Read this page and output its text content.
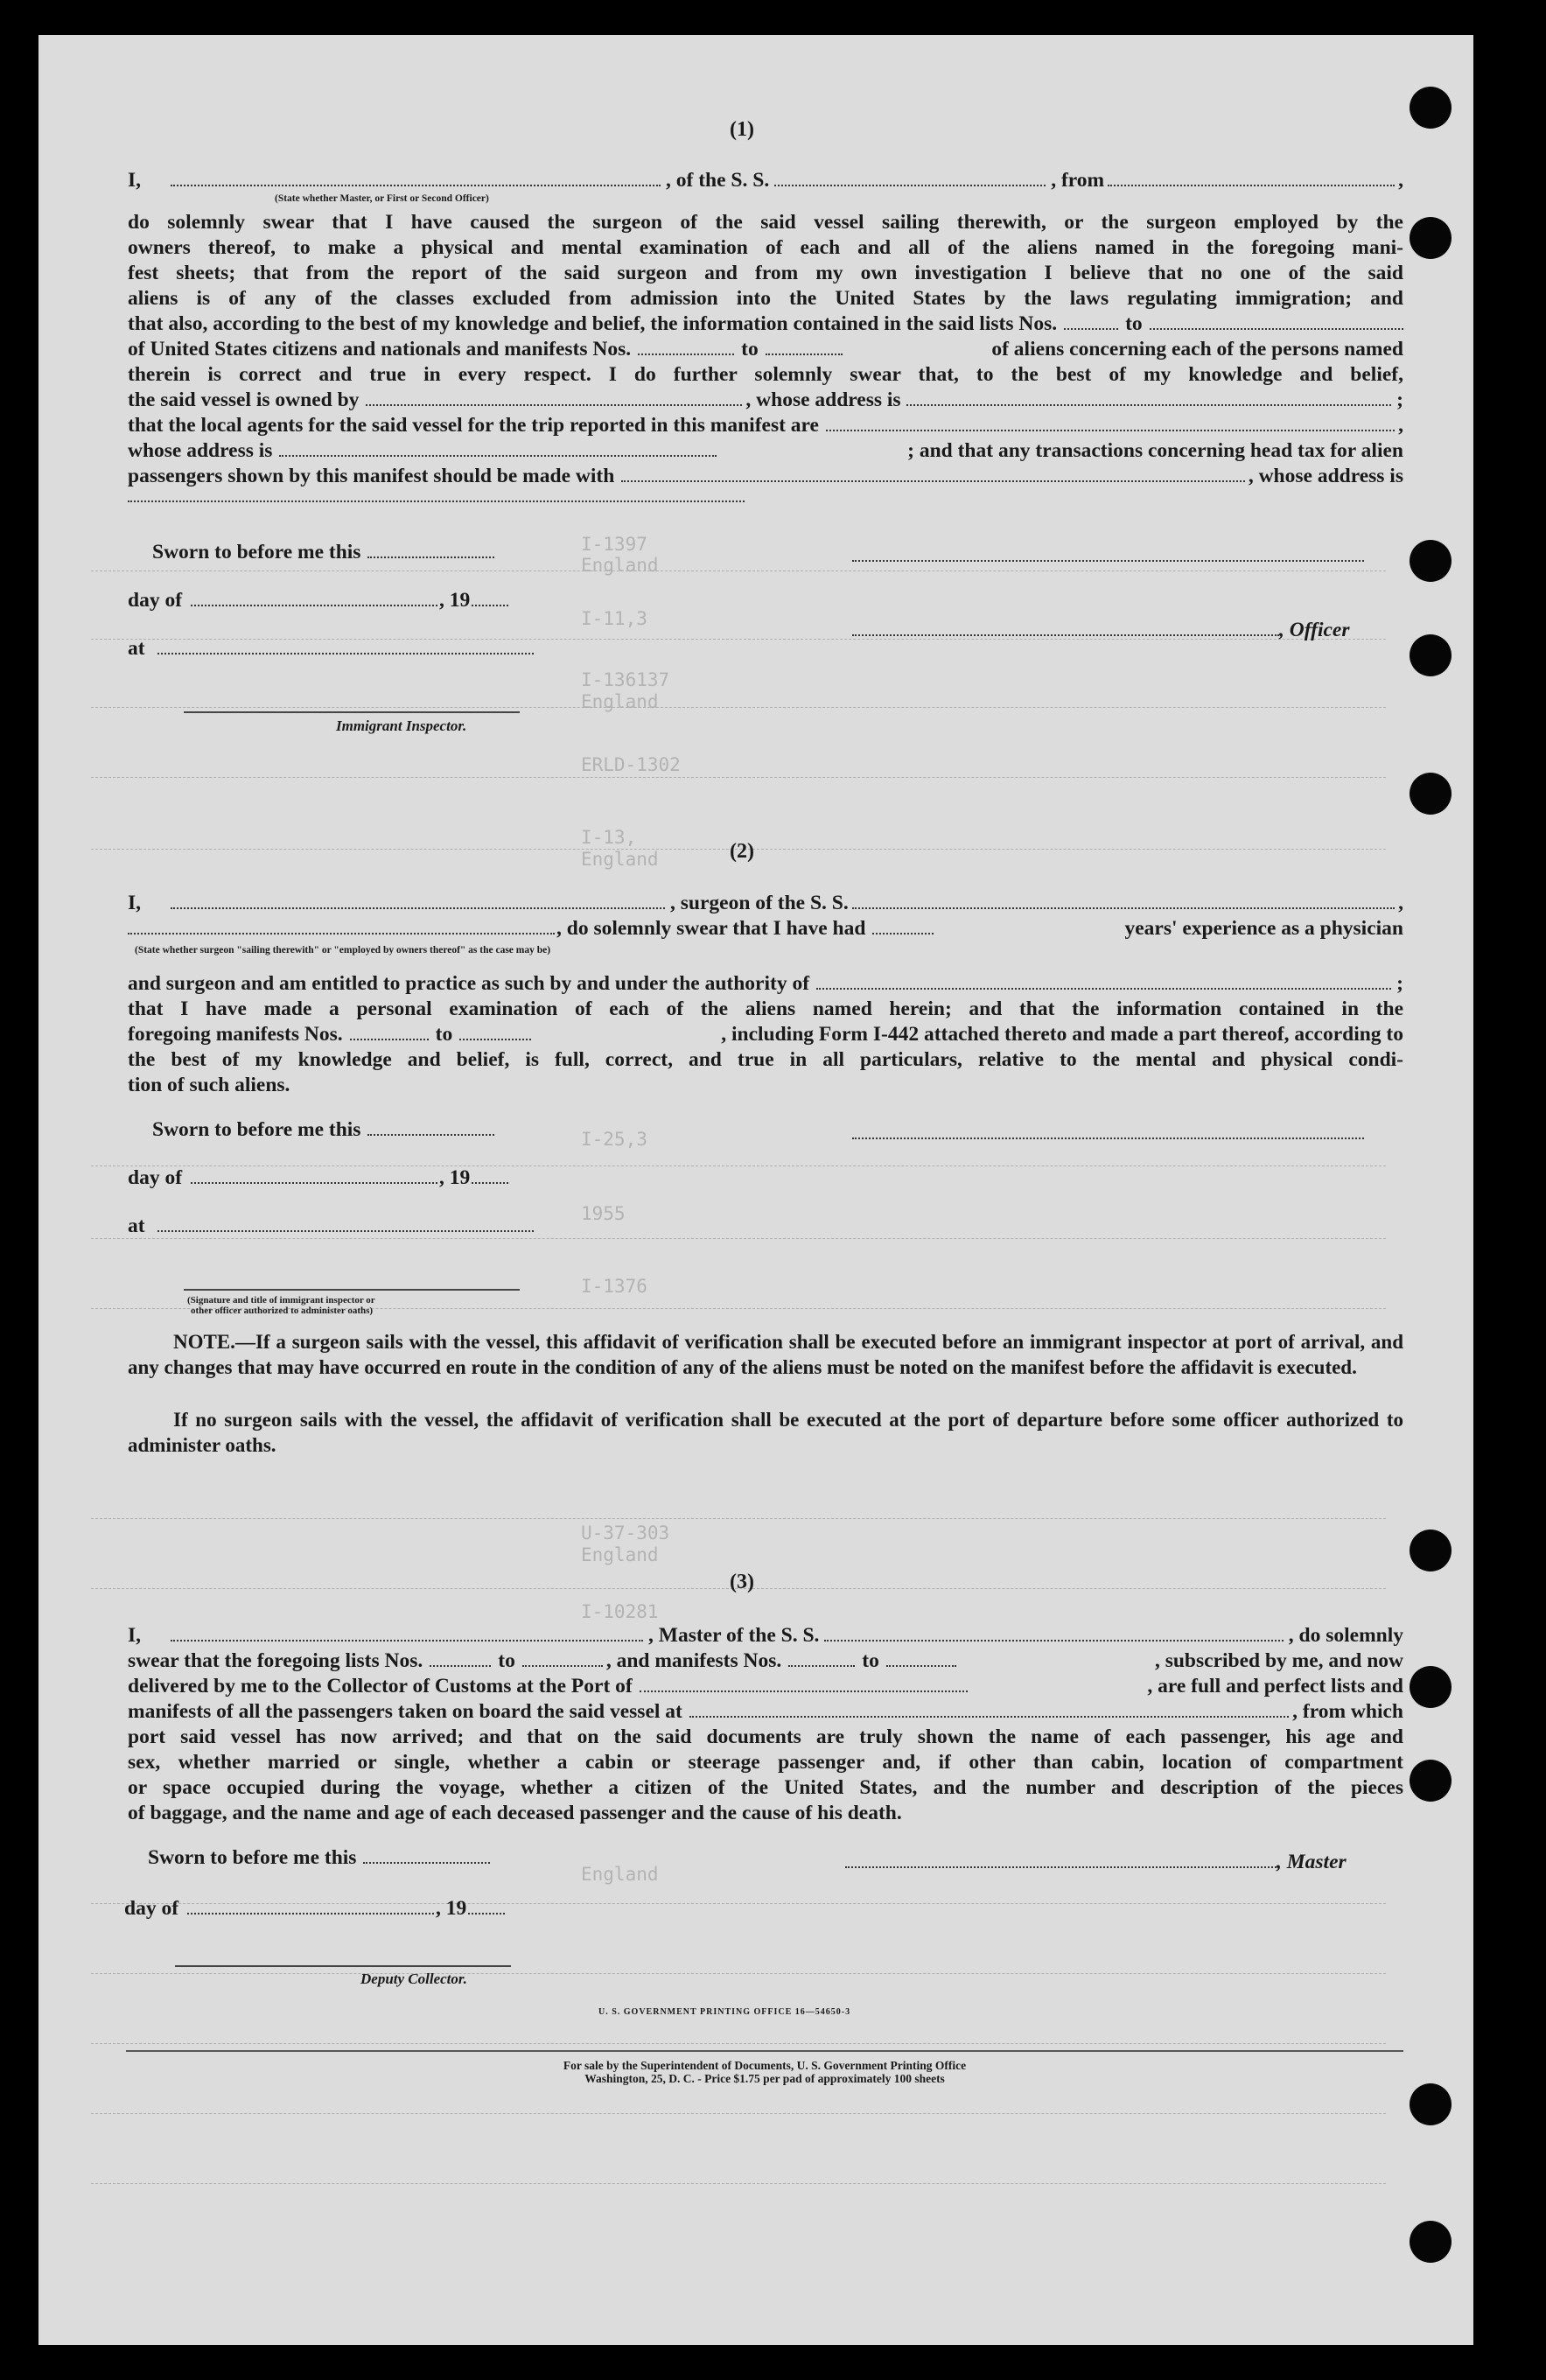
I-1397
England
I-11,3
I-136137
England
ERLD-1302
I-13,
England
I-25,3
1955
I-1376
U-37-303
England
I-10281
England
(1)
I,	, of the S. S.	, from	,
(State whether Master, or First or Second Officer)
do solemnly swear that I have caused the surgeon of the said vessel sailing therewith, or the surgeon employed by the
owners thereof, to make a physical and mental examination of each and all of the aliens named in the foregoing mani-
fest sheets; that from the report of the said surgeon and from my own investigation I believe that no one of the said
aliens is of any of the classes excluded from admission into the United States by the laws regulating immigration; and
that also, according to the best of my knowledge and belief, the information contained in the said lists Nos.	to
of United States citizens and nationals and manifests Nos.	to	of aliens concerning each of the persons named
therein is correct and true in every respect. I do further solemnly swear that, to the best of my knowledge and belief,
the said vessel is owned by	, whose address is	;
that the local agents for the said vessel for the trip reported in this manifest are	,
whose address is	; and that any transactions concerning head tax for alien
passengers shown by this manifest should be made with	, whose address is
Sworn to before me this
day of	, 19
, Officer
at
Immigrant Inspector.
(2)
I,	, surgeon of the S. S.	,
, do solemnly swear that I have had	years' experience as a physician
(State whether surgeon "sailing therewith" or "employed by owners thereof" as the case may be)
and surgeon and am entitled to practice as such by and under the authority of	;
that I have made a personal examination of each of the aliens named herein; and that the information contained in the
foregoing manifests Nos.	to	, including Form I-442 attached thereto and made a part thereof, according to
the best of my knowledge and belief, is full, correct, and true in all particulars, relative to the mental and physical condi-
tion of such aliens.
Sworn to before me this
day of	, 19
at
(Signature and title of immigrant inspector or
other officer authorized to administer oaths)
NOTE.—If a surgeon sails with the vessel, this affidavit of verification shall be executed before an immigrant inspector at port of arrival, and any changes that may have occurred en route in the condition of any of the aliens must be noted on the manifest before the affidavit is executed.
If no surgeon sails with the vessel, the affidavit of verification shall be executed at the port of departure before some officer authorized to administer oaths.
(3)
I,	, Master of the S. S.	, do solemnly
swear that the foregoing lists Nos.	to	, and manifests Nos.	to	, subscribed by me, and now
delivered by me to the Collector of Customs at the Port of	, are full and perfect lists and
manifests of all the passengers taken on board the said vessel at	, from which
port said vessel has now arrived; and that on the said documents are truly shown the name of each passenger, his age and
sex, whether married or single, whether a cabin or steerage passenger and, if other than cabin, location of compartment
or space occupied during the voyage, whether a citizen of the United States, and the number and description of the pieces
of baggage, and the name and age of each deceased passenger and the cause of his death.
Sworn to before me this	, Master
day of	, 19
Deputy Collector.
U. S. GOVERNMENT PRINTING OFFICE 16—54650-3
For sale by the Superintendent of Documents, U. S. Government Printing Office
Washington, 25, D. C. - Price $1.75 per pad of approximately 100 sheets
